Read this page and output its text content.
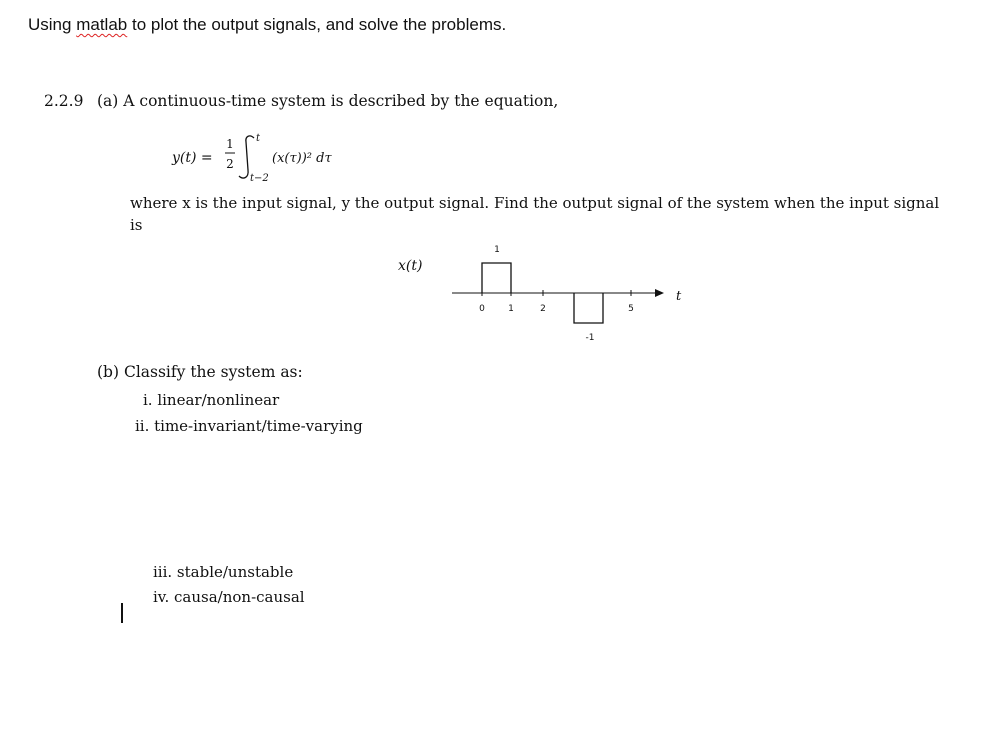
Using matlab to plot the output signals, and solve the problems.
2.2.9 (a) A continuous-time system is described by the equation,
y(t) =
1
2
t
t−2
(x(τ))² dτ
where x is the input signal, y the output signal. Find the output signal of the system when the input signal
is
x(t)
t
1
0	1	2	5
-1
(b) Classify the system as:
i. linear/nonlinear
ii. time-invariant/time-varying
iii. stable/unstable
iv. causa/non-causal
